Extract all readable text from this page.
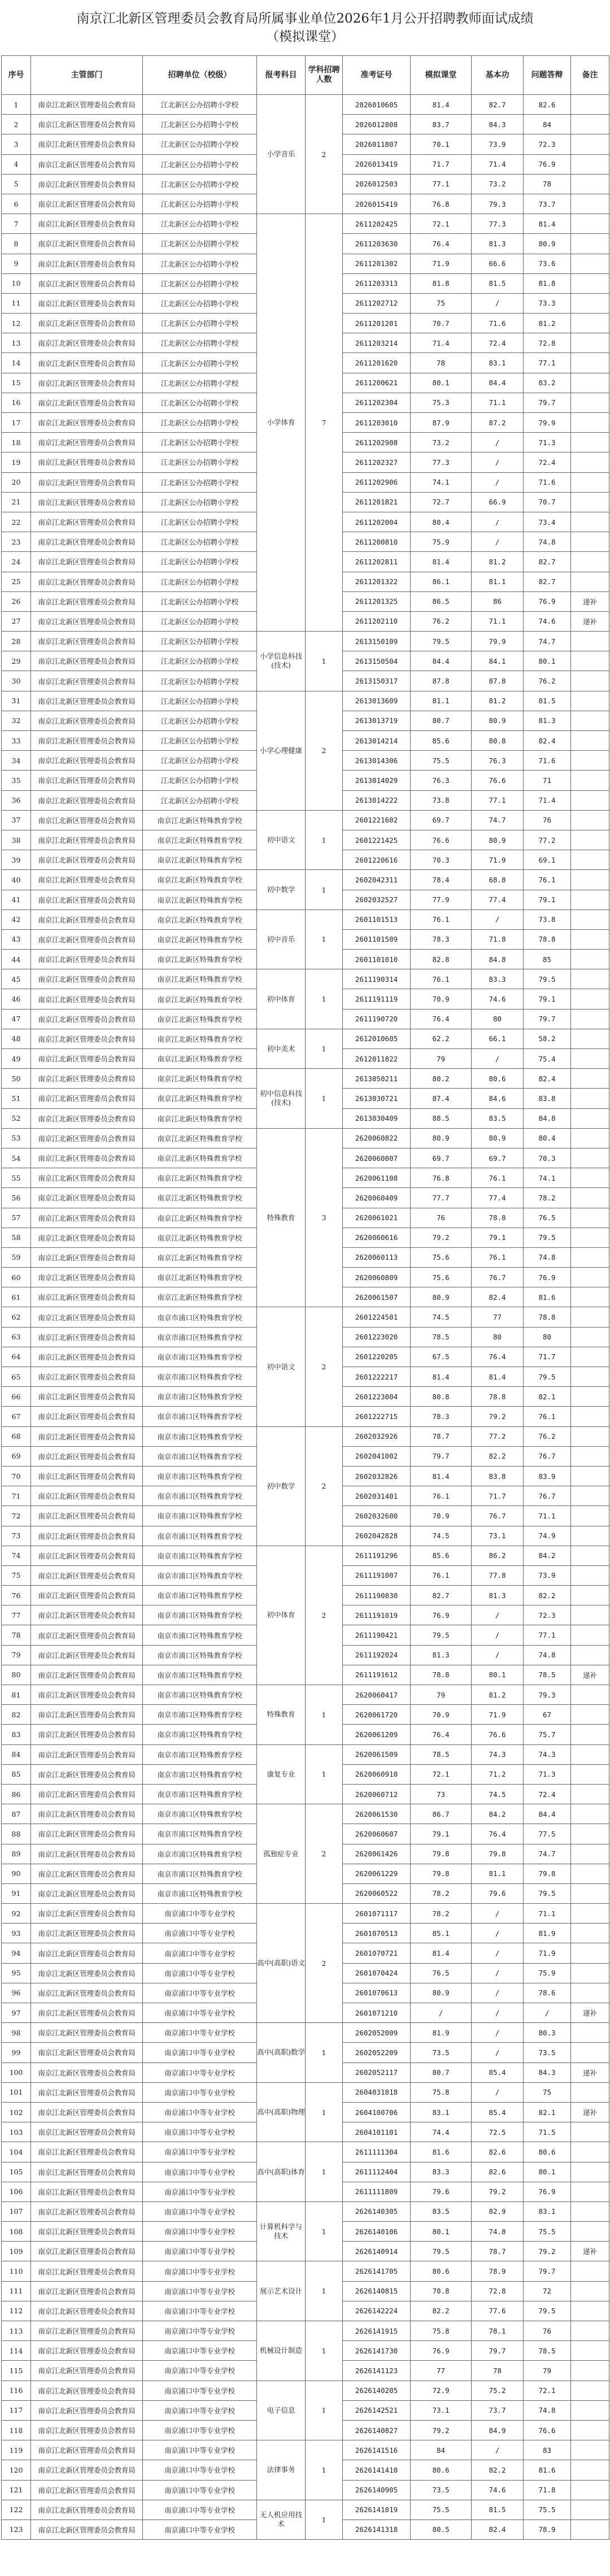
南京江北新区管理委员会教育局所属事业单位2026年1月公开招聘教师面试成绩
（模拟课堂）
序号	主管部门	招聘单位（校级）	报考科目	学科招聘人数	准考证号	模拟课堂	基本功	问题答辩	备注
1	南京江北新区管理委员会教育局	江北新区公办招聘小学校	小学音乐	2	2026010605	81.4	82.7	82.6	
2	南京江北新区管理委员会教育局	江北新区公办招聘小学校			2026012808	83.7	84.3	84	
3	南京江北新区管理委员会教育局	江北新区公办招聘小学校			2026011807	70.1	73.9	72.3	
4	南京江北新区管理委员会教育局	江北新区公办招聘小学校			2026013419	71.7	71.4	76.9	
5	南京江北新区管理委员会教育局	江北新区公办招聘小学校			2026012503	77.1	73.2	78	
6	南京江北新区管理委员会教育局	江北新区公办招聘小学校			2026015419	76.8	79.3	73.7	
7	南京江北新区管理委员会教育局	江北新区公办招聘小学校	小学体育	7	2611202425	72.1	77.3	81.4	
8	南京江北新区管理委员会教育局	江北新区公办招聘小学校			2611203630	76.4	81.3	80.9	
9	南京江北新区管理委员会教育局	江北新区公办招聘小学校			2611201302	71.9	66.6	73.6	
10	南京江北新区管理委员会教育局	江北新区公办招聘小学校			2611203313	81.8	81.5	81.8	
11	南京江北新区管理委员会教育局	江北新区公办招聘小学校			2611202712	75	/	73.3	
12	南京江北新区管理委员会教育局	江北新区公办招聘小学校			2611201201	70.7	71.6	81.2	
13	南京江北新区管理委员会教育局	江北新区公办招聘小学校			2611203214	71.4	72.4	72.8	
14	南京江北新区管理委员会教育局	江北新区公办招聘小学校			2611201620	78	83.1	77.1	
15	南京江北新区管理委员会教育局	江北新区公办招聘小学校			2611200621	80.1	84.4	83.2	
16	南京江北新区管理委员会教育局	江北新区公办招聘小学校			2611202304	75.3	71.1	79.7	
17	南京江北新区管理委员会教育局	江北新区公办招聘小学校			2611203010	87.9	87.2	79.9	
18	南京江北新区管理委员会教育局	江北新区公办招聘小学校			2611202908	73.2	/	71.3	
19	南京江北新区管理委员会教育局	江北新区公办招聘小学校			2611202327	77.3	/	72.4	
20	南京江北新区管理委员会教育局	江北新区公办招聘小学校			2611202906	74.1	/	71.6	
21	南京江北新区管理委员会教育局	江北新区公办招聘小学校			2611201821	72.7	66.9	70.7	
22	南京江北新区管理委员会教育局	江北新区公办招聘小学校			2611202004	80.4	/	73.4	
23	南京江北新区管理委员会教育局	江北新区公办招聘小学校			2611200810	75.9	/	74.8	
24	南京江北新区管理委员会教育局	江北新区公办招聘小学校			2611202811	81.4	81.2	82.7	
25	南京江北新区管理委员会教育局	江北新区公办招聘小学校			2611201322	86.1	81.1	82.7	
26	南京江北新区管理委员会教育局	江北新区公办招聘小学校			2611201325	86.5	86	76.9	递补
27	南京江北新区管理委员会教育局	江北新区公办招聘小学校			2611202110	76.2	71.1	74.6	递补
28	南京江北新区管理委员会教育局	江北新区公办招聘小学校	小学信息科技(技术)	1	2613150109	79.5	79.9	74.7	
29	南京江北新区管理委员会教育局	江北新区公办招聘小学校			2613150504	84.4	84.1	80.1	
30	南京江北新区管理委员会教育局	江北新区公办招聘小学校			2613150317	87.8	87.8	76.2	
31	南京江北新区管理委员会教育局	江北新区公办招聘小学校	小学心理健康	2	2613013609	81.1	81.2	81.5	
32	南京江北新区管理委员会教育局	江北新区公办招聘小学校			2613013719	80.7	80.9	81.3	
33	南京江北新区管理委员会教育局	江北新区公办招聘小学校			2613014214	85.6	80.8	82.4	
34	南京江北新区管理委员会教育局	江北新区公办招聘小学校			2613014306	75.5	76.3	71.6	
35	南京江北新区管理委员会教育局	江北新区公办招聘小学校			2613014029	76.3	76.6	71	
36	南京江北新区管理委员会教育局	江北新区公办招聘小学校			2613014222	73.8	77.1	71.4	
37	南京江北新区管理委员会教育局	南京江北新区特殊教育学校	初中语文	1	2601221602	69.7	74.7	76	
38	南京江北新区管理委员会教育局	南京江北新区特殊教育学校			2601221425	76.6	80.9	77.2	
39	南京江北新区管理委员会教育局	南京江北新区特殊教育学校			2601220616	70.3	71.9	69.1	
40	南京江北新区管理委员会教育局	南京江北新区特殊教育学校	初中数学	1	2602042311	78.4	68.8	76.1	
41	南京江北新区管理委员会教育局	南京江北新区特殊教育学校			2602032527	77.9	77.4	79.1	
42	南京江北新区管理委员会教育局	南京江北新区特殊教育学校	初中音乐	1	2601101513	76.1	/	73.8	
43	南京江北新区管理委员会教育局	南京江北新区特殊教育学校			2601101509	78.3	71.8	78.8	
44	南京江北新区管理委员会教育局	南京江北新区特殊教育学校			2601101010	82.8	84.8	85	
45	南京江北新区管理委员会教育局	南京江北新区特殊教育学校	初中体育	1	2611190314	76.1	83.3	79.5	
46	南京江北新区管理委员会教育局	南京江北新区特殊教育学校			2611191119	70.9	74.6	79.1	
47	南京江北新区管理委员会教育局	南京江北新区特殊教育学校			2611190720	76.4	80	79.7	
48	南京江北新区管理委员会教育局	南京江北新区特殊教育学校	初中美术	1	2612010605	62.2	66.1	58.2	
49	南京江北新区管理委员会教育局	南京江北新区特殊教育学校			2612011822	79	/	75.4	
50	南京江北新区管理委员会教育局	南京江北新区特殊教育学校	初中信息科技(技术)	1	2613050211	80.2	80.6	82.4	
51	南京江北新区管理委员会教育局	南京江北新区特殊教育学校			2613030721	87.4	84.6	83.8	
52	南京江北新区管理委员会教育局	南京江北新区特殊教育学校			2613030409	88.5	83.5	84.8	
53	南京江北新区管理委员会教育局	南京江北新区特殊教育学校	特殊教育	3	2620060822	80.9	80.9	80.4	
54	南京江北新区管理委员会教育局	南京江北新区特殊教育学校			2620060807	69.7	69.7	70.3	
55	南京江北新区管理委员会教育局	南京江北新区特殊教育学校			2620061108	76.8	76.1	74.1	
56	南京江北新区管理委员会教育局	南京江北新区特殊教育学校			2620060409	77.7	77.4	78.2	
57	南京江北新区管理委员会教育局	南京江北新区特殊教育学校			2620061021	76	78.8	76.5	
58	南京江北新区管理委员会教育局	南京江北新区特殊教育学校			2620060616	79.2	79.1	79.5	
59	南京江北新区管理委员会教育局	南京江北新区特殊教育学校			2620060113	75.6	76.1	74.8	
60	南京江北新区管理委员会教育局	南京江北新区特殊教育学校			2620060809	75.6	76.7	76.9	
61	南京江北新区管理委员会教育局	南京江北新区特殊教育学校			2620061507	80.9	82.4	81.6	
62	南京江北新区管理委员会教育局	南京市浦口区特殊教育学校	初中语文	2	2601224501	74.5	77	78.8	
63	南京江北新区管理委员会教育局	南京市浦口区特殊教育学校			2601223020	78.5	80	80	
64	南京江北新区管理委员会教育局	南京市浦口区特殊教育学校			2601220205	67.5	76.4	71.7	
65	南京江北新区管理委员会教育局	南京市浦口区特殊教育学校			2601222217	81.4	81.4	79.5	
66	南京江北新区管理委员会教育局	南京市浦口区特殊教育学校			2601223004	80.8	78.8	82.1	
67	南京江北新区管理委员会教育局	南京市浦口区特殊教育学校			2601222715	78.3	79.2	76.1	
68	南京江北新区管理委员会教育局	南京市浦口区特殊教育学校	初中数学	2	2602032926	78.7	77.2	76.2	
69	南京江北新区管理委员会教育局	南京市浦口区特殊教育学校			2602041002	79.7	82.2	76.7	
70	南京江北新区管理委员会教育局	南京市浦口区特殊教育学校			2602032826	81.4	83.8	83.9	
71	南京江北新区管理委员会教育局	南京市浦口区特殊教育学校			2602031401	76.1	71.7	76.7	
72	南京江北新区管理委员会教育局	南京市浦口区特殊教育学校			2602032600	70.9	76.7	71.1	
73	南京江北新区管理委员会教育局	南京市浦口区特殊教育学校			2602042828	74.5	73.1	74.9	
74	南京江北新区管理委员会教育局	南京市浦口区特殊教育学校	初中体育	2	2611191296	85.6	86.2	84.2	
75	南京江北新区管理委员会教育局	南京市浦口区特殊教育学校			2611191007	76.1	77.8	73.9	
76	南京江北新区管理委员会教育局	南京市浦口区特殊教育学校			2611190830	82.7	81.3	82.2	
77	南京江北新区管理委员会教育局	南京市浦口区特殊教育学校			2611191019	76.9	/	72.3	
78	南京江北新区管理委员会教育局	南京市浦口区特殊教育学校			2611190421	79.5	/	77.1	
79	南京江北新区管理委员会教育局	南京市浦口区特殊教育学校			2611192024	81.3	/	74.8	
80	南京江北新区管理委员会教育局	南京市浦口区特殊教育学校			2611191612	78.8	80.1	78.5	递补
81	南京江北新区管理委员会教育局	南京市浦口区特殊教育学校	特殊教育	1	2620060417	79	81.2	79.3	
82	南京江北新区管理委员会教育局	南京市浦口区特殊教育学校			2620061720	70.9	71.9	67	
83	南京江北新区管理委员会教育局	南京市浦口区特殊教育学校			2620061209	76.4	76.6	75.7	
84	南京江北新区管理委员会教育局	南京市浦口区特殊教育学校	康复专业	1	2620061509	78.5	74.3	74.3	
85	南京江北新区管理委员会教育局	南京市浦口区特殊教育学校			2620060910	72.1	71.2	71.3	
86	南京江北新区管理委员会教育局	南京市浦口区特殊教育学校			2620060712	73	74.5	72.4	
87	南京江北新区管理委员会教育局	南京市浦口区特殊教育学校	孤独症专业	2	2620061530	86.7	84.2	84.4	
88	南京江北新区管理委员会教育局	南京市浦口区特殊教育学校			2620060607	79.1	76.4	77.5	
89	南京江北新区管理委员会教育局	南京市浦口区特殊教育学校			2620061426	79.8	79.8	74.7	
90	南京江北新区管理委员会教育局	南京市浦口区特殊教育学校			2620061229	79.8	81.1	79.8	
91	南京江北新区管理委员会教育局	南京市浦口区特殊教育学校			2620060522	78.2	79.6	79.5	
92	南京江北新区管理委员会教育局	南京浦口中等专业学校	高中(高职)语文	2	2601071117	78.2	/	71.1	
93	南京江北新区管理委员会教育局	南京浦口中等专业学校			2601070513	85.1	/	81.9	
94	南京江北新区管理委员会教育局	南京浦口中等专业学校			2601070721	81.4	/	71.9	
95	南京江北新区管理委员会教育局	南京浦口中等专业学校			2601070424	76.5	/	75.9	
96	南京江北新区管理委员会教育局	南京浦口中等专业学校			2601070613	80.9	/	78.6	
97	南京江北新区管理委员会教育局	南京浦口中等专业学校			2601071210	/	/	/	递补
98	南京江北新区管理委员会教育局	南京浦口中等专业学校	高中(高职)数学	1	2602052009	81.9	/	80.3	
99	南京江北新区管理委员会教育局	南京浦口中等专业学校			2602052209	73.5	/	73.5	
100	南京江北新区管理委员会教育局	南京浦口中等专业学校			2602052117	80.7	85.4	84.3	递补
101	南京江北新区管理委员会教育局	南京浦口中等专业学校	高中(高职)物理	1	2604031818	75.8	/	75	
102	南京江北新区管理委员会教育局	南京浦口中等专业学校			2604100706	83.1	85.4	82.1	递补
103	南京江北新区管理委员会教育局	南京浦口中等专业学校			2604101101	74.4	72.5	71.5	
104	南京江北新区管理委员会教育局	南京浦口中等专业学校	高中(高职)体育	1	2611111304	81.6	82.6	80.6	
105	南京江北新区管理委员会教育局	南京浦口中等专业学校			2611112404	83.3	82.6	80.1	
106	南京江北新区管理委员会教育局	南京浦口中等专业学校			2611111809	79.6	79.2	76.9	
107	南京江北新区管理委员会教育局	南京浦口中等专业学校	计算机科学与技术	1	2626140305	83.5	82.9	83.1	
108	南京江北新区管理委员会教育局	南京浦口中等专业学校			2626140106	80.1	74.8	75.5	
109	南京江北新区管理委员会教育局	南京浦口中等专业学校			2626140914	79.5	78.7	79.2	递补
110	南京江北新区管理委员会教育局	南京浦口中等专业学校	展示艺术设计	1	2626141705	80.6	78.9	79.7	
111	南京江北新区管理委员会教育局	南京浦口中等专业学校			2626140815	70.8	72.8	72	
112	南京江北新区管理委员会教育局	南京浦口中等专业学校			2626142224	82.2	77.6	79.5	
113	南京江北新区管理委员会教育局	南京浦口中等专业学校	机械设计制造	1	2626141915	75.8	78.1	76	
114	南京江北新区管理委员会教育局	南京浦口中等专业学校			2626141730	76.9	79.7	78.5	
115	南京江北新区管理委员会教育局	南京浦口中等专业学校			2626141123	77	78	79	
116	南京江北新区管理委员会教育局	南京浦口中等专业学校	电子信息	1	2626140205	72.9	75.2	72.1	
117	南京江北新区管理委员会教育局	南京浦口中等专业学校			2626142521	73.1	73.7	74.8	
118	南京江北新区管理委员会教育局	南京浦口中等专业学校			2626140827	79.2	84.9	76.6	
119	南京江北新区管理委员会教育局	南京浦口中等专业学校	法律事务	1	2626141516	84	/	83	
120	南京江北新区管理委员会教育局	南京浦口中等专业学校			2626141410	80.6	82.2	81.6	
121	南京江北新区管理委员会教育局	南京浦口中等专业学校			2626140905	73.5	74.6	71.8	
122	南京江北新区管理委员会教育局	南京浦口中等专业学校	无人机应用技术	1	2626141019	75.5	81.5	75.5	
123	南京江北新区管理委员会教育局	南京浦口中等专业学校			2626141318	80.5	82.4	78.9	
